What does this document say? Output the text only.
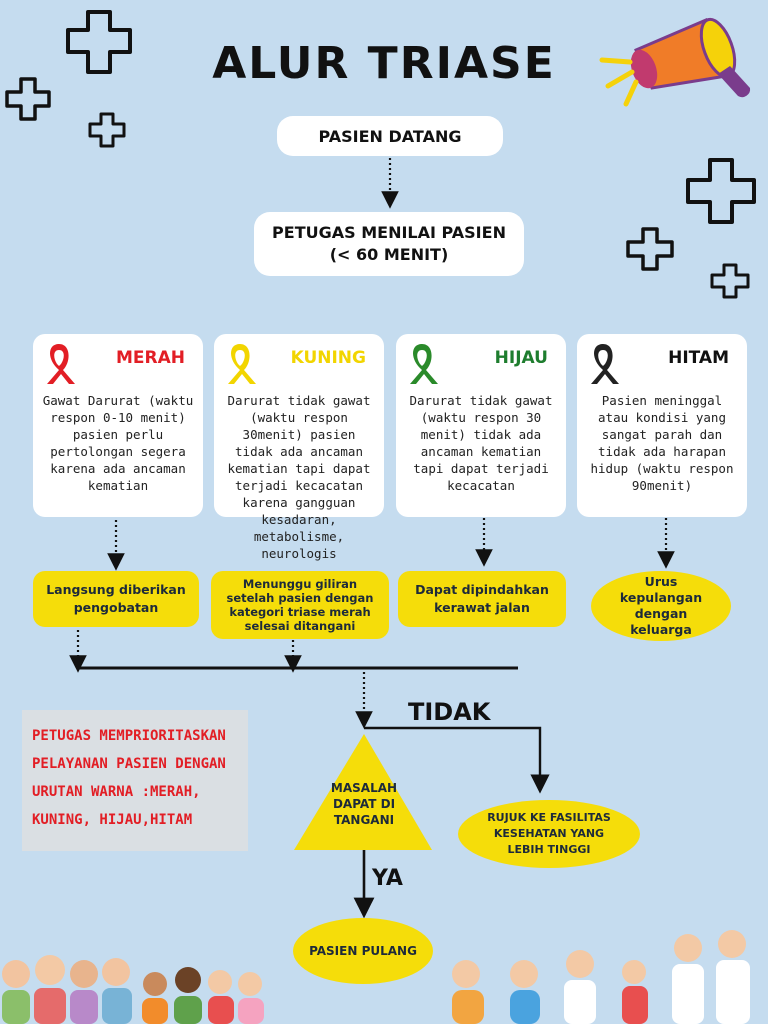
ALUR TRIASE
PASIEN DATANG
PETUGAS MENILAI PASIEN
(< 60 MENIT)
MERAH
Gawat Darurat (waktu respon 0-10 menit) pasien perlu pertolongan segera karena ada ancaman kematian
KUNING
Darurat tidak gawat (waktu respon 30menit) pasien tidak ada ancaman kematian tapi dapat terjadi kecacatan karena gangguan kesadaran, metabolisme, neurologis
HIJAU
Darurat tidak gawat (waktu respon 30 menit) tidak ada ancaman kematian tapi dapat terjadi kecacatan
HITAM
Pasien meninggal atau kondisi yang sangat parah dan tidak ada harapan hidup (waktu respon 90menit)
Langsung diberikan pengobatan
Menunggu giliran setelah pasien dengan kategori triase merah selesai ditangani
Dapat dipindahkan kerawat jalan
Urus kepulangan dengan keluarga
TIDAK
YA
MASALAH DAPAT DI TANGANI
PETUGAS MEMPRIORITASKAN PELAYANAN PASIEN DENGAN URUTAN WARNA :MERAH, KUNING, HIJAU,HITAM	RUJUK KE FASILITAS KESEHATAN YANG LEBIH TINGGI
PASIEN PULANG
